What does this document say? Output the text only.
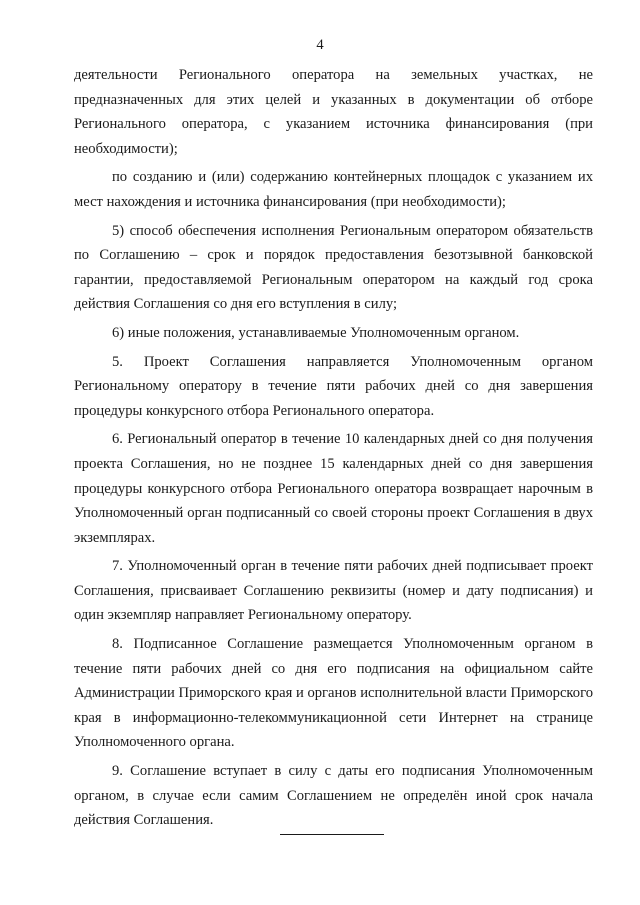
4

деятельности Регионального оператора на земельных участках, не предназначенных для этих целей и указанных в документации об отборе Регионального оператора, с указанием источника финансирования (при необходимости);

по созданию и (или) содержанию контейнерных площадок с указанием их мест нахождения и источника финансирования (при необходимости);

5) способ обеспечения исполнения Региональным оператором обязательств по Соглашению – срок и порядок предоставления безотзывной банковской гарантии, предоставляемой Региональным оператором на каждый год срока действия Соглашения со дня его вступления в силу;

6) иные положения, устанавливаемые Уполномоченным органом.

5. Проект Соглашения направляется Уполномоченным органом Региональному оператору в течение пяти рабочих дней со дня завершения процедуры конкурсного отбора Регионального оператора.

6. Региональный оператор в течение 10 календарных дней со дня получения проекта Соглашения, но не позднее 15 календарных дней со дня завершения процедуры конкурсного отбора Регионального оператора возвращает нарочным в Уполномоченный орган подписанный со своей стороны проект Соглашения в двух экземплярах.

7. Уполномоченный орган в течение пяти рабочих дней подписывает проект Соглашения, присваивает Соглашению реквизиты (номер и дату подписания) и один экземпляр направляет Региональному оператору.

8. Подписанное Соглашение размещается Уполномоченным органом в течение пяти рабочих дней со дня его подписания на официальном сайте Администрации Приморского края и органов исполнительной власти Приморского края в информационно-телекоммуникационной сети Интернет на странице Уполномоченного органа.

9. Соглашение вступает в силу с даты его подписания Уполномоченным органом, в случае если самим Соглашением не определён иной срок начала действия Соглашения.
